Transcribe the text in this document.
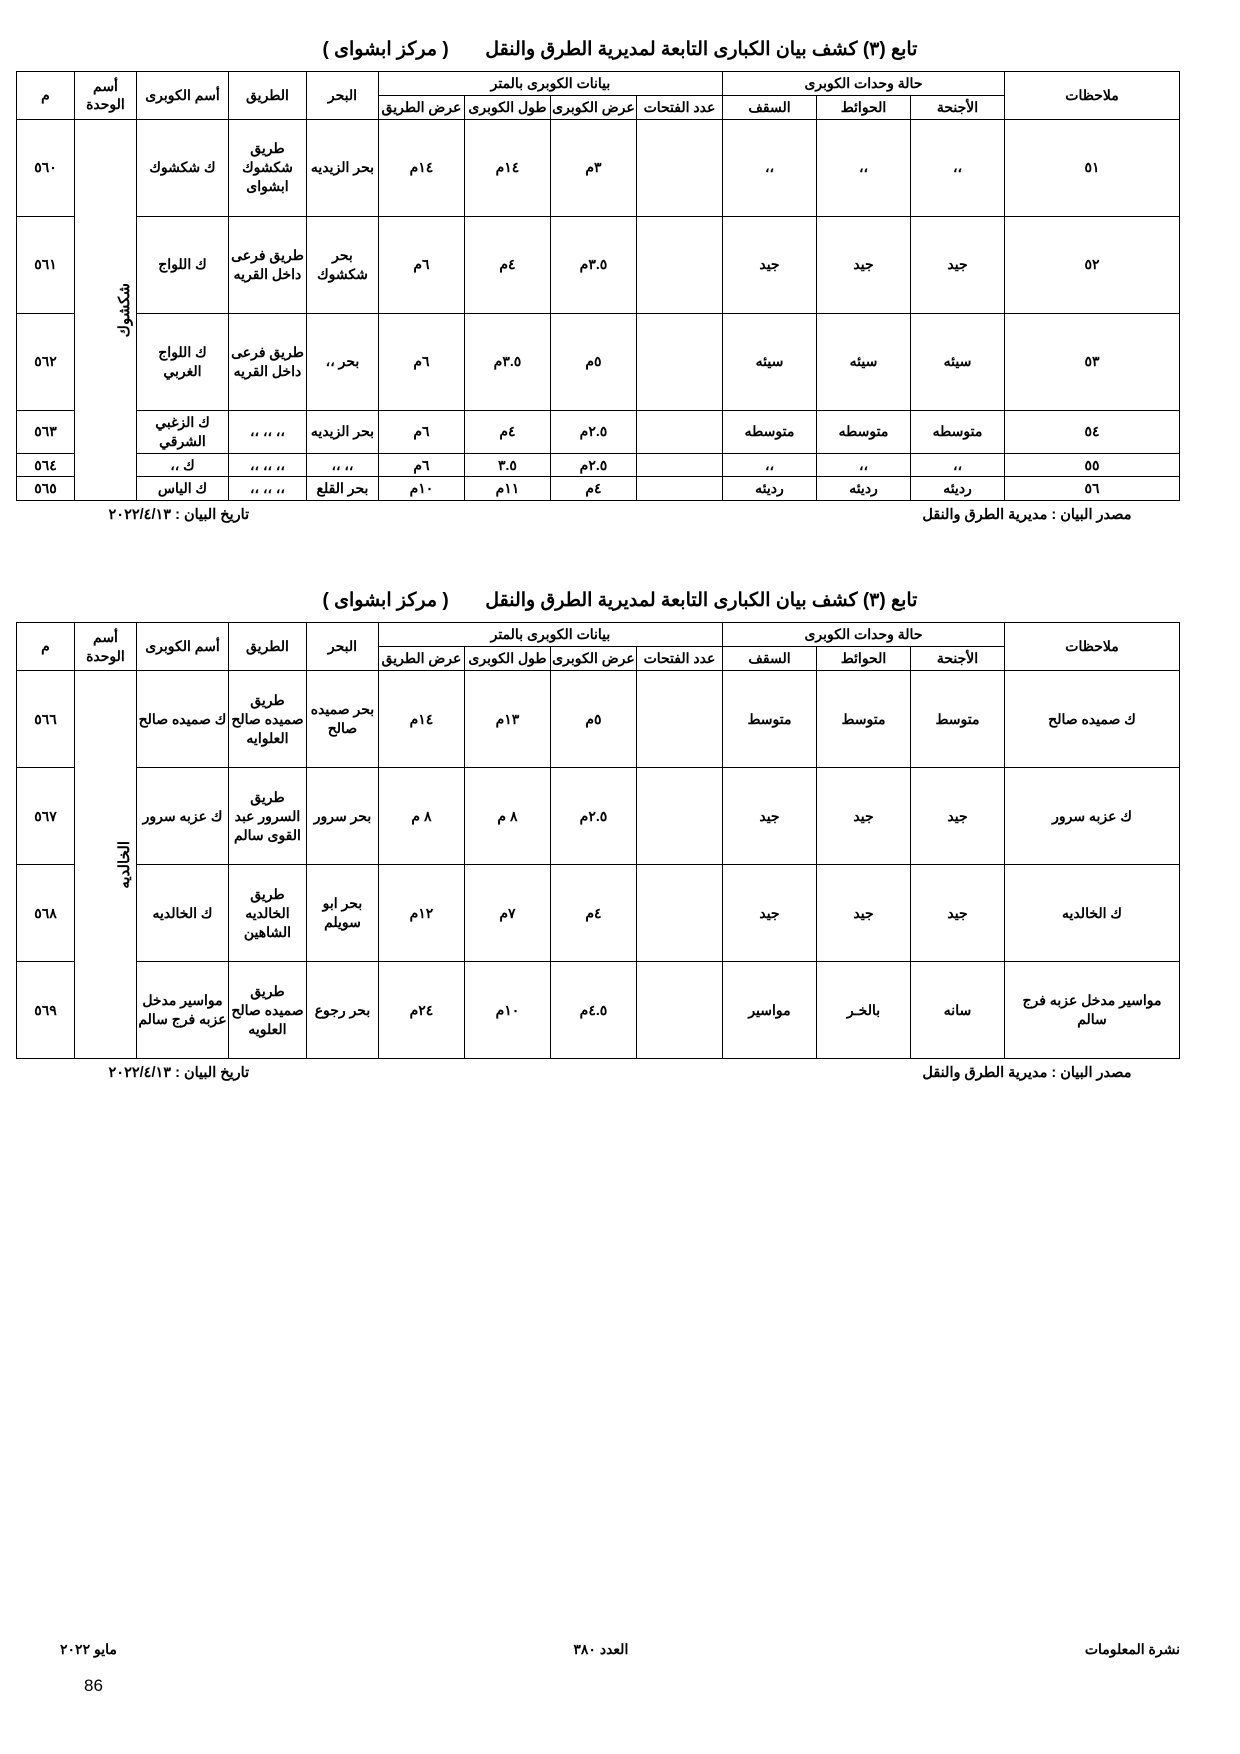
تابع (٣) كشف بيان الكبارى التابعة لمديرية الطرق والنقل  ( مركز ابشواى )
ملاحظات	حالة وحدات الكوبرى			بيانات الكوبرى بالمتر				البحر	الطريق	أسم الكوبرى	أسم الوحدة	م
	الأجنحة	الحوائط	السقف	عدد الفتحات	عرض الكوبرى	طول الكوبرى	عرض الطريق					
٥١	،،	،،	،،		٣م	١٤م	١٤م	بحر الزيديه	طريق شكشوك ابشواى	ك شكشوك	شكشوك	٥٦٠
٥٢	جيد	جيد	جيد		٣.٥م	٤م	٦م	بحر شكشوك	طريق فرعى داخل القريه	ك اللواج		٥٦١
٥٣	سيئه	سيئه	سيئه		٥م	٣.٥م	٦م	بحر ،،	طريق فرعى داخل القريه	ك اللواج الغربي		٥٦٢
٥٤	متوسطه	متوسطه	متوسطه		٢.٥م	٤م	٦م	بحر الزيديه	،، ،، ،،	ك الزغبي الشرقي		٥٦٣
٥٥	،،	،،	،،		٢.٥م	٣.٥	٦م	،، ،،	،، ،، ،،	ك ،،		٥٦٤
٥٦	رديئه	رديئه	رديئه		٤م	١١م	١٠م	بحر القلع	،، ،، ،،	ك الياس		٥٦٥
مصدر البيان : مديرية الطرق والنقل
تاريخ البيان : ٢٠٢٢/٤/١٣
تابع (٣) كشف بيان الكبارى التابعة لمديرية الطرق والنقل  ( مركز ابشواى )
ملاحظات	حالة وحدات الكوبرى			بيانات الكوبرى بالمتر				البحر	الطريق	أسم الكوبرى	أسم الوحدة	م
	الأجنحة	الحوائط	السقف	عدد الفتحات	عرض الكوبرى	طول الكوبرى	عرض الطريق					
ك صميده صالح	متوسط	متوسط	متوسط		٥م	١٣م	١٤م	بحر صميده صالح	طريق صميده صالح العلوايه	ك صميده صالح	الخالديه	٥٦٦
ك عزبه سرور	جيد	جيد	جيد		٢.٥م	٨ م	٨ م	بحر سرور	طريق السرور عبد القوى سالم	ك عزبه سرور		٥٦٧
ك الخالديه	جيد	جيد	جيد		٤م	٧م	١٢م	بحر ابو سويلم	طريق الخالديه الشاهين	ك الخالديه		٥٦٨
مواسير مدخل عزبه فرج سالم	سانه	بالخـر	مواسير		٤.٥م	١٠م	٢٤م	بحر رجوع	طريق صميده صالح العلويه	مواسير مدخل عزبه فرج سالم		٥٦٩
مصدر البيان : مديرية الطرق والنقل
تاريخ البيان : ٢٠٢٢/٤/١٣
نشرة المعلومات
العدد ٣٨٠
مايو ٢٠٢٢
86
